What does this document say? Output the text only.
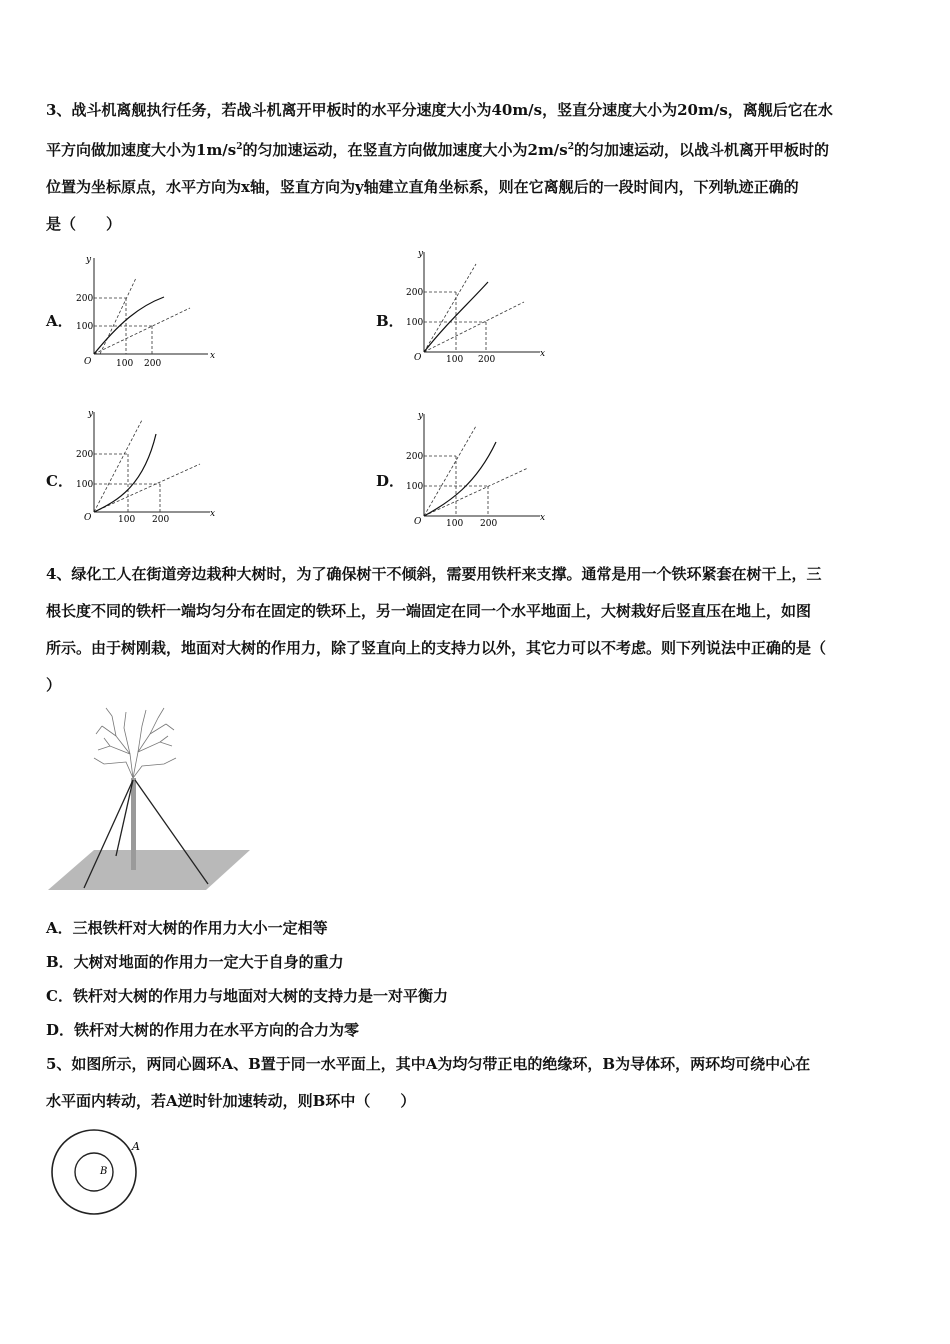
3、战斗机离舰执行任务，若战斗机离开甲板时的水平分速度大小为40m/s，竖直分速度大小为20m/s，离舰后它在水

平方向做加速度大小为$1m/s^2$的匀加速运动，在竖直方向做加速度大小为$2m/s^2$的匀加速运动，以战斗机离开甲板时的

位置为坐标原点，水平方向为x轴，竖直方向为y轴建立直角坐标系，则在它离舰后的一段时间内，下列轨迹正确的

是（　　）

A．
y
x
O
200
100
100 200
B．
y
x
O
200
100
100 200
C．
y
x
O
200
100
100 200
D．
y
x
O
200
100
100 200

4、绿化工人在街道旁边栽种大树时，为了确保树干不倾斜，需要用铁杆来支撑。通常是用一个铁环紧套在树干上，三

根长度不同的铁杆一端均匀分布在固定的铁环上，另一端固定在同一个水平地面上，大树栽好后竖直压在地上，如图

所示。由于树刚栽，地面对大树的作用力，除了竖直向上的支持力以外，其它力可以不考虑。则下列说法中正确的是（

）

A．三根铁杆对大树的作用力大小一定相等
B．大树对地面的作用力一定大于自身的重力
C．铁杆对大树的作用力与地面对大树的支持力是一对平衡力
D．铁杆对大树的作用力在水平方向的合力为零

5、如图所示，两同心圆环A、B置于同一水平面上，其中A为均匀带正电的绝缘环，B为导体环，两环均可绕中心在

水平面内转动，若A逆时针加速转动，则B环中（　　）

A
B
